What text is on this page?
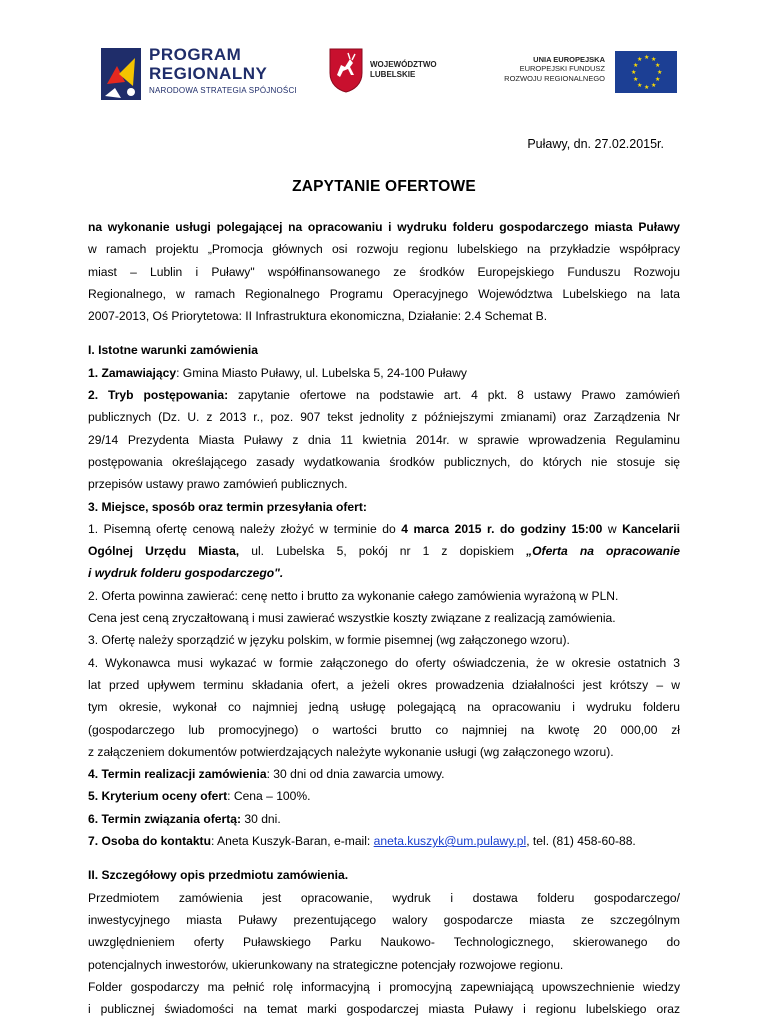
PROGRAM
REGIONALNY
NARODOWA STRATEGIA SPÓJNOŚCI
WOJEWÓDZTWO
LUBELSKIE
UNIA EUROPEJSKA
EUROPEJSKI FUNDUSZ
ROZWOJU REGIONALNEGO
★ ★
★
★
★
★
★
★
★
★
★
★
Puławy, dn. 27.02.2015r.
ZAPYTANIE OFERTOWE

na wykonanie usługi polegającej na opracowaniu i wydruku folderu gospodarczego miasta Puławy

w ramach projektu „Promocja głównych osi rozwoju regionu lubelskiego na przykładzie współpracy

miast – Lublin i Puławy" współfinansowanego ze środków Europejskiego Funduszu Rozwoju

Regionalnego, w ramach Regionalnego Programu Operacyjnego Województwa Lubelskiego na lata

2007-2013, Oś Priorytetowa: II Infrastruktura ekonomiczna, Działanie: 2.4 Schemat B.

I. Istotne warunki zamówienia

1. Zamawiający: Gmina Miasto Puławy, ul. Lubelska 5, 24-100 Puławy

2. Tryb postępowania: zapytanie ofertowe na podstawie art. 4 pkt. 8 ustawy Prawo zamówień

publicznych (Dz. U. z 2013 r., poz. 907 tekst jednolity z późniejszymi zmianami) oraz Zarządzenia Nr

29/14 Prezydenta Miasta Puławy z dnia 11 kwietnia 2014r. w sprawie wprowadzenia Regulaminu

postępowania określającego zasady wydatkowania środków publicznych, do których nie stosuje się

przepisów ustawy prawo zamówień publicznych.

3. Miejsce, sposób oraz termin przesyłania ofert:

1. Pisemną ofertę cenową należy złożyć w terminie do 4 marca 2015 r. do godziny 15:00 w Kancelarii

Ogólnej Urzędu Miasta, ul. Lubelska 5, pokój nr 1 z dopiskiem „Oferta na opracowanie

i wydruk folderu gospodarczego".

2. Oferta powinna zawierać: cenę netto i brutto za wykonanie całego zamówienia wyrażoną w PLN.

Cena jest ceną zryczałtowaną i musi zawierać wszystkie koszty związane z realizacją zamówienia.

3. Ofertę należy sporządzić w języku polskim, w formie pisemnej (wg załączonego wzoru).

4. Wykonawca musi wykazać w formie załączonego do oferty oświadczenia, że w okresie ostatnich 3

lat przed upływem terminu składania ofert, a jeżeli okres prowadzenia działalności jest krótszy – w

tym okresie, wykonał co najmniej jedną usługę polegającą na opracowaniu i wydruku folderu

(gospodarczego lub promocyjnego) o wartości brutto co najmniej na kwotę 20 000,00 zł

z załączeniem dokumentów potwierdzających należyte wykonanie usługi (wg załączonego wzoru).

4. Termin realizacji zamówienia: 30 dni od dnia zawarcia umowy.

5. Kryterium oceny ofert: Cena – 100%.

6. Termin związania ofertą: 30 dni.

7. Osoba do kontaktu: Aneta Kuszyk-Baran, e-mail: aneta.kuszyk@um.pulawy.pl, tel. (81) 458-60-88.

II. Szczegółowy opis przedmiotu zamówienia.

Przedmiotem zamówienia jest opracowanie, wydruk i dostawa folderu gospodarczego/

inwestycyjnego miasta Puławy prezentującego walory gospodarcze miasta ze szczególnym

uwzględnieniem oferty Puławskiego Parku Naukowo- Technologicznego, skierowanego do

potencjalnych inwestorów, ukierunkowany na strategiczne potencjały rozwojowe regionu.

Folder gospodarczy ma pełnić rolę informacyjną i promocyjną zapewniającą upowszechnienie wiedzy

i publicznej świadomości na temat marki gospodarczej miasta Puławy i regionu lubelskiego oraz
